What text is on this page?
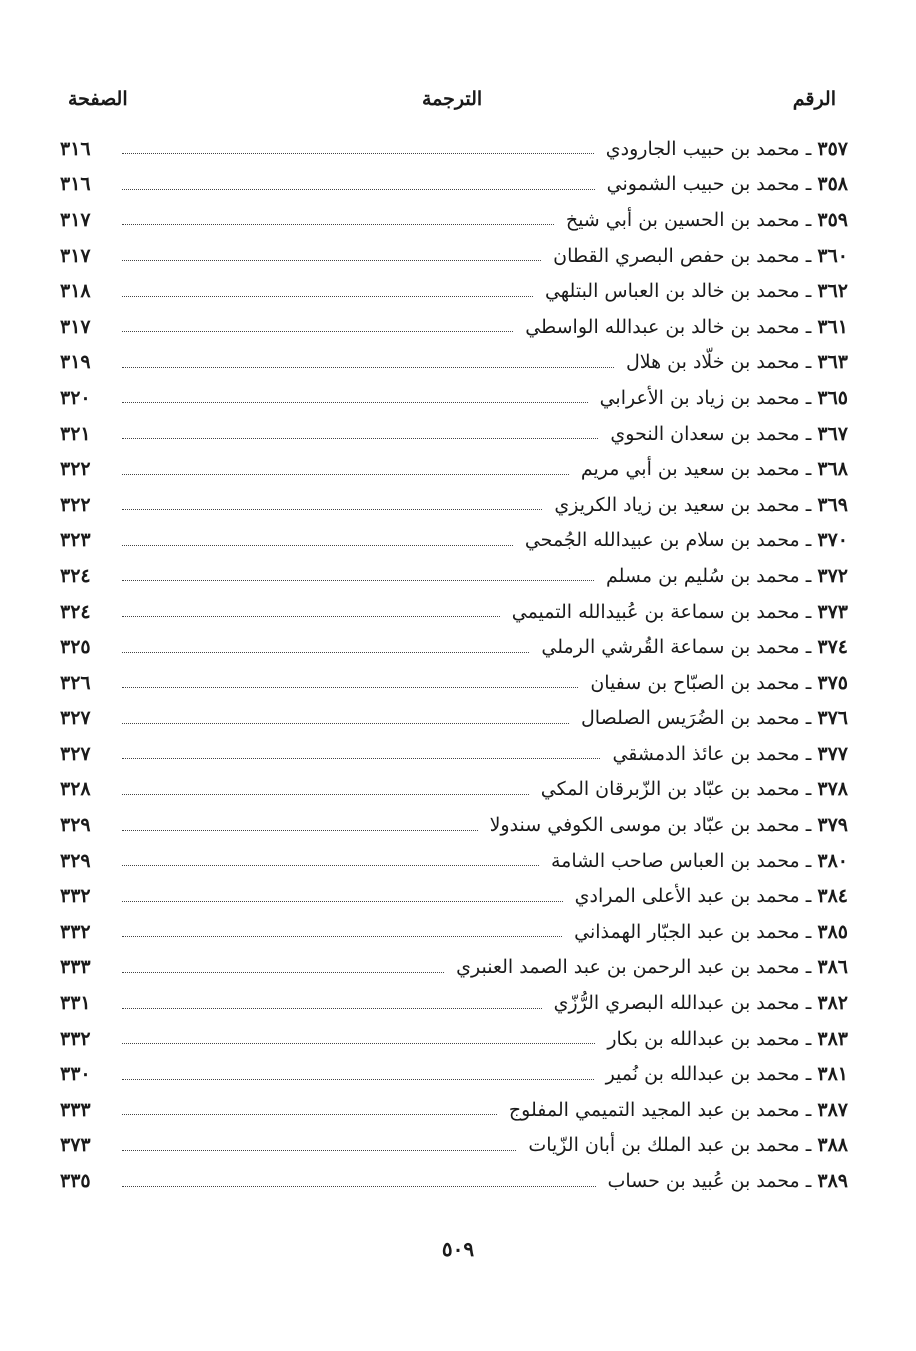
الرقم
الترجمة
الصفحة
٣٥٧ ـ محمد بن حبيب الجارودي
٣١٦
٣٥٨ ـ محمد بن حبيب الشموني
٣١٦
٣٥٩ ـ محمد بن الحسين بن أبي شيخ
٣١٧
٣٦٠ ـ محمد بن حفص البصري القطان
٣١٧
٣٦٢ ـ محمد بن خالد بن العباس البتلهي
٣١٨
٣٦١ ـ محمد بن خالد بن عبدالله الواسطي
٣١٧
٣٦٣ ـ محمد بن خلّاد بن هلال
٣١٩
٣٦٥ ـ محمد بن زياد بن الأعرابي
٣٢٠
٣٦٧ ـ محمد بن سعدان النحوي
٣٢١
٣٦٨ ـ محمد بن سعيد بن أبي مريم
٣٢٢
٣٦٩ ـ محمد بن سعيد بن زياد الكريزي
٣٢٢
٣٧٠ ـ محمد بن سلام بن عبيدالله الجُمحي
٣٢٣
٣٧٢ ـ محمد بن سُليم بن مسلم
٣٢٤
٣٧٣ ـ محمد بن سماعة بن عُبيدالله التميمي
٣٢٤
٣٧٤ ـ محمد بن سماعة القُرشي الرملي
٣٢٥
٣٧٥ ـ محمد بن الصبّاح بن سفيان
٣٢٦
٣٧٦ ـ محمد بن الضُرَيس الصلصال
٣٢٧
٣٧٧ ـ محمد بن عائذ الدمشقي
٣٢٧
٣٧٨ ـ محمد بن عبّاد بن الزّبرقان المكي
٣٢٨
٣٧٩ ـ محمد بن عبّاد بن موسى الكوفي سندولا
٣٢٩
٣٨٠ ـ محمد بن العباس صاحب الشامة
٣٢٩
٣٨٤ ـ محمد بن عبد الأعلى المرادي
٣٣٢
٣٨٥ ـ محمد بن عبد الجبّار الهمذاني
٣٣٢
٣٨٦ ـ محمد بن عبد الرحمن بن عبد الصمد العنبري
٣٣٣
٣٨٢ ـ محمد بن عبدالله البصري الرُّزّي
٣٣١
٣٨٣ ـ محمد بن عبدالله بن بكار
٣٣٢
٣٨١ ـ محمد بن عبدالله بن نُمير
٣٣٠
٣٨٧ ـ محمد بن عبد المجيد التميمي المفلوج
٣٣٣
٣٨٨ ـ محمد بن عبد الملك بن أبان الزّيات
٣٧٣
٣٨٩ ـ محمد بن عُبيد بن حساب
٣٣٥
٥٠٩
